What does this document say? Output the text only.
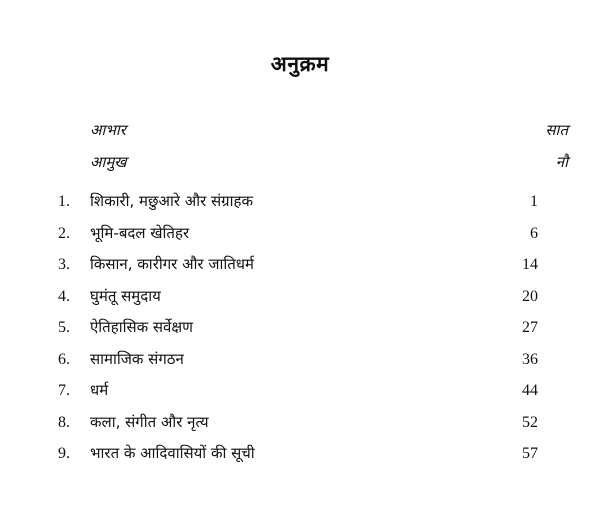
अनुक्रम
आभार	सात
आमुख	नौ
1. शिकारी, मछुआरे और संग्राहक	1
2. भूमि-बदल खेतिहर	6
3. किसान, कारीगर और जातिधर्म	14
4. घुमंतू समुदाय	20
5. ऐतिहासिक सर्वेक्षण	27
6. सामाजिक संगठन	36
7. धर्म	44
8. कला, संगीत और नृत्य	52
9. भारत के आदिवासियों की सूची	57
